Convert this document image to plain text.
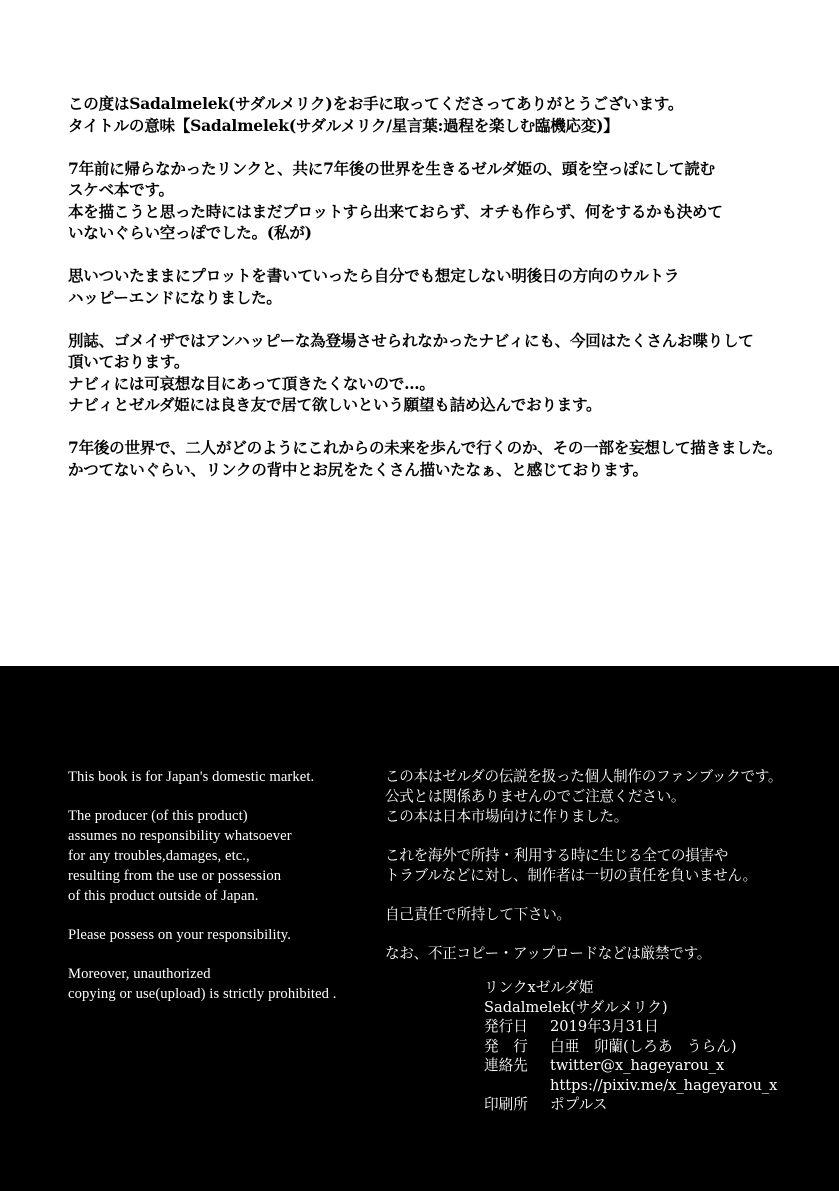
この度はSadalmelek(サダルメリク)をお手に取ってくださってありがとうございます。
タイトルの意味【Sadalmelek(サダルメリク/星言葉:過程を楽しむ臨機応変)】

7年前に帰らなかったリンクと、共に7年後の世界を生きるゼルダ姫の、頭を空っぽにして読む
スケベ本です。
本を描こうと思った時にはまだプロットすら出来ておらず、オチも作らず、何をするかも決めて
いないぐらい空っぽでした。(私が)

思いついたままにプロットを書いていったら自分でも想定しない明後日の方向のウルトラ
ハッピーエンドになりました。

別誌、ゴメイザではアンハッピーな為登場させられなかったナビィにも、今回はたくさんお喋りして
頂いております。
ナビィには可哀想な目にあって頂きたくないので…。
ナビィとゼルダ姫には良き友で居て欲しいという願望も詰め込んでおります。

7年後の世界で、二人がどのようにこれからの未来を歩んで行くのか、その一部を妄想して描きました。
かつてないぐらい、リンクの背中とお尻をたくさん描いたなぁ、と感じております。

This book is for Japan's domestic market.

The producer (of this product)
assumes no responsibility whatsoever
for any troubles,damages, etc.,
resulting from the use or possession
of this product outside of Japan.

Please possess on your responsibility.

Moreover, unauthorized
copying or use(upload) is strictly prohibited .

この本はゼルダの伝説を扱った個人制作のファンブックです。
公式とは関係ありませんのでご注意ください。
この本は日本市場向けに作りました。

これを海外で所持・利用する時に生じる全ての損害や
トラブルなどに対し、制作者は一切の責任を負いません。

自己責任で所持して下さい。

なお、不正コピー・アップロードなどは厳禁です。

リンクxゼルダ姫
Sadalmelek(サダルメリク)
発行日	2019年3月31日
発　行	白亜　卯蘭(しろあ　うらん)
連絡先	twitter@x_hageyarou_x
https://pixiv.me/x_hageyarou_x
印刷所	ポプルス
